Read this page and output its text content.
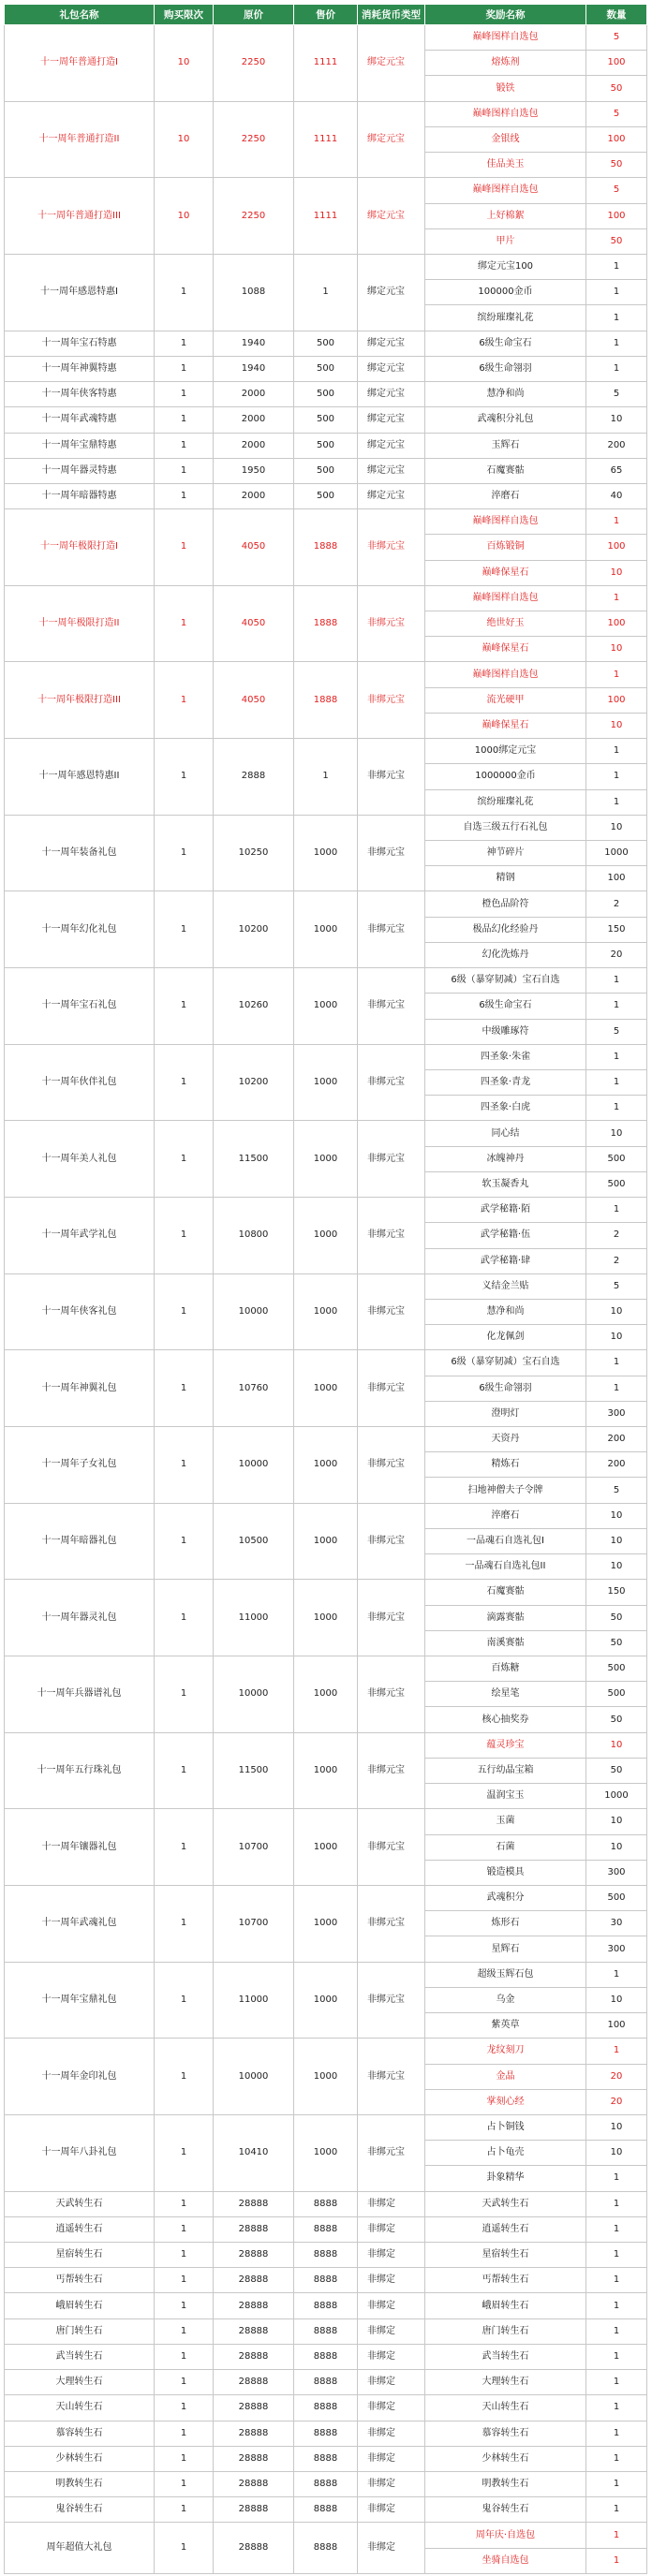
礼包名称	购买限次	原价	售价	消耗货币类型	奖励名称	数量
十一周年普通打造I	10	2250	1111	绑定元宝	巅峰图样自选包	5
					熔炼剂	100
					锻铁	50
十一周年普通打造II	10	2250	1111	绑定元宝	巅峰图样自选包	5
					金银线	100
					佳品美玉	50
十一周年普通打造III	10	2250	1111	绑定元宝	巅峰图样自选包	5
					上好棉絮	100
					甲片	50
十一周年感恩特惠I	1	1088	1	绑定元宝	绑定元宝100	1
					100000金币	1
					缤纷璀璨礼花	1
十一周年宝石特惠	1	1940	500	绑定元宝	6级生命宝石	1
十一周年神翼特惠	1	1940	500	绑定元宝	6级生命翎羽	1
十一周年侠客特惠	1	2000	500	绑定元宝	慧净和尚	5
十一周年武魂特惠	1	2000	500	绑定元宝	武魂积分礼包	10
十一周年宝鼎特惠	1	2000	500	绑定元宝	玉辉石	200
十一周年器灵特惠	1	1950	500	绑定元宝	石魔赛骷	65
十一周年暗器特惠	1	2000	500	绑定元宝	淬磨石	40
十一周年极限打造I	1	4050	1888	非绑元宝	巅峰图样自选包	1
					百炼锻铜	100
					巅峰保星石	10
十一周年极限打造II	1	4050	1888	非绑元宝	巅峰图样自选包	1
					绝世好玉	100
					巅峰保星石	10
十一周年极限打造III	1	4050	1888	非绑元宝	巅峰图样自选包	1
					流光硬甲	100
					巅峰保星石	10
十一周年感恩特惠II	1	2888	1	非绑元宝	1000绑定元宝	1
					1000000金币	1
					缤纷璀璨礼花	1
十一周年装备礼包	1	10250	1000	非绑元宝	自选三级五行石礼包	10
					神节碎片	1000
					精钢	100
十一周年幻化礼包	1	10200	1000	非绑元宝	橙色品阶符	2
					极品幻化经验丹	150
					幻化洗炼丹	20
十一周年宝石礼包	1	10260	1000	非绑元宝	6级（暴穿韧减）宝石自选	1
					6级生命宝石	1
					中级雕琢符	5
十一周年伙伴礼包	1	10200	1000	非绑元宝	四圣象·朱雀	1
					四圣象·青龙	1
					四圣象·白虎	1
十一周年美人礼包	1	11500	1000	非绑元宝	同心结	10
					冰魄神丹	500
					软玉凝香丸	500
十一周年武学礼包	1	10800	1000	非绑元宝	武学秘籍·陌	1
					武学秘籍·伍	2
					武学秘籍·肆	2
十一周年侠客礼包	1	10000	1000	非绑元宝	义结金兰贴	5
					慧净和尚	10
					化龙佩剑	10
十一周年神翼礼包	1	10760	1000	非绑元宝	6级（暴穿韧减）宝石自选	1
					6级生命翎羽	1
					澄明灯	300
十一周年子女礼包	1	10000	1000	非绑元宝	天资丹	200
					精炼石	200
					扫地神僧夫子令牌	5
十一周年暗器礼包	1	10500	1000	非绑元宝	淬磨石	10
					一品魂石自选礼包I	10
					一品魂石自选礼包II	10
十一周年器灵礼包	1	11000	1000	非绑元宝	石魔赛骷	150
					滴露赛骷	50
					南溪赛骷	50
十一周年兵器谱礼包	1	10000	1000	非绑元宝	百炼糖	500
					绘星笔	500
					核心抽奖券	50
十一周年五行珠礼包	1	11500	1000	非绑元宝	蕴灵珍宝	10
					五行幼晶宝箱	50
					温润宝玉	1000
十一周年镶器礼包	1	10700	1000	非绑元宝	玉菌	10
					石菌	10
					锻造模具	300
十一周年武魂礼包	1	10700	1000	非绑元宝	武魂积分	500
					炼形石	30
					星辉石	300
十一周年宝鼎礼包	1	11000	1000	非绑元宝	超级玉辉石包	1
					乌金	10
					紫英草	100
十一周年金印礼包	1	10000	1000	非绑元宝	龙纹刻刀	1
					金晶	20
					掌刻心经	20
十一周年八卦礼包	1	10410	1000	非绑元宝	占卜铜钱	10
					占卜龟壳	10
					卦象精华	1
天武转生石	1	28888	8888	非绑定	天武转生石	1
逍遥转生石	1	28888	8888	非绑定	逍遥转生石	1
星宿转生石	1	28888	8888	非绑定	星宿转生石	1
丐帮转生石	1	28888	8888	非绑定	丐帮转生石	1
峨眉转生石	1	28888	8888	非绑定	峨眉转生石	1
唐门转生石	1	28888	8888	非绑定	唐门转生石	1
武当转生石	1	28888	8888	非绑定	武当转生石	1
大理转生石	1	28888	8888	非绑定	大理转生石	1
天山转生石	1	28888	8888	非绑定	天山转生石	1
慕容转生石	1	28888	8888	非绑定	慕容转生石	1
少林转生石	1	28888	8888	非绑定	少林转生石	1
明教转生石	1	28888	8888	非绑定	明教转生石	1
鬼谷转生石	1	28888	8888	非绑定	鬼谷转生石	1
周年超值大礼包	1	28888	8888	非绑定	周年庆·自选包	1
					坐骑自选包	1
